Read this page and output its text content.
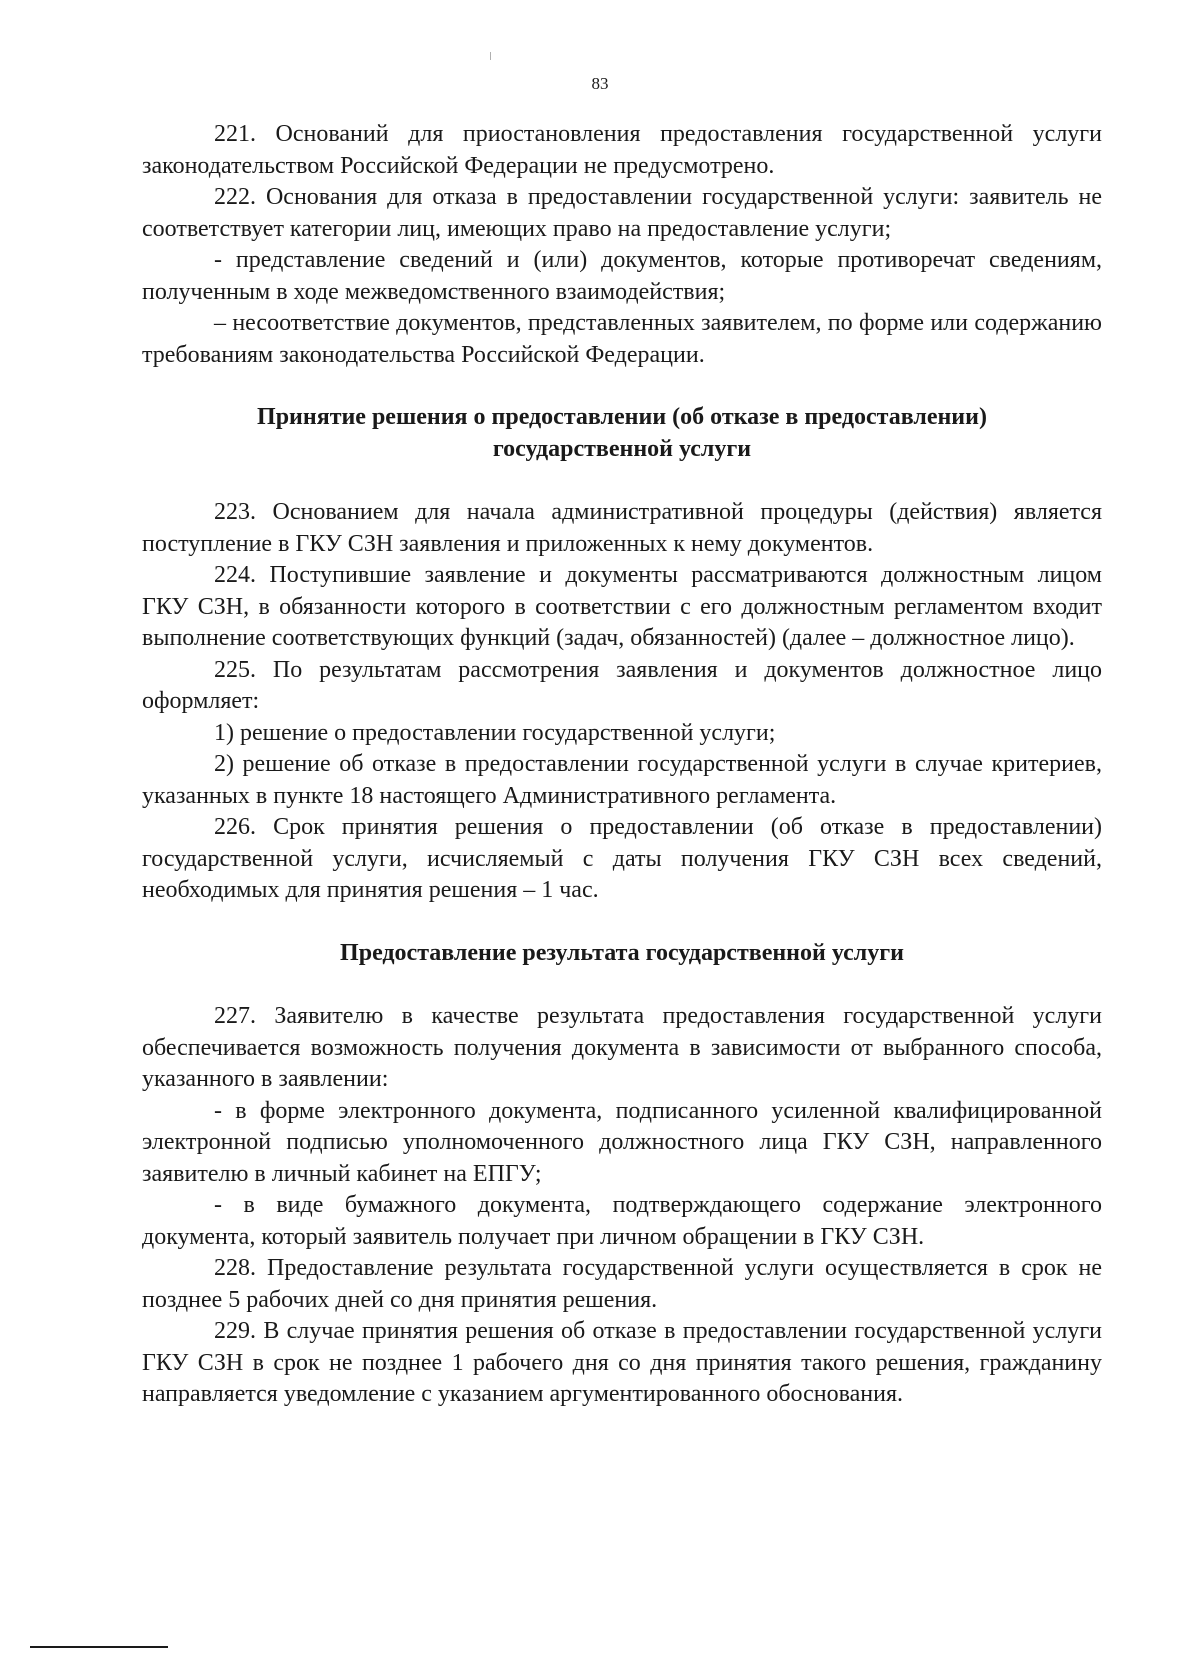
83

221. Оснований для приостановления предоставления государственной услуги законодательством Российской Федерации не предусмотрено.

222. Основания для отказа в предоставлении государственной услуги: заявитель не соответствует категории лиц, имеющих право на предоставление услуги;

- представление сведений и (или) документов, которые противоречат сведениям, полученным в ходе межведомственного взаимодействия;

– несоответствие документов, представленных заявителем, по форме или содержанию требованиям законодательства Российской Федерации.

Принятие решения о предоставлении (об отказе в предоставлении) государственной услуги

223. Основанием для начала административной процедуры (действия) является поступление в ГКУ СЗН заявления и приложенных к нему документов.

224. Поступившие заявление и документы рассматриваются должностным лицом ГКУ СЗН, в обязанности которого в соответствии с его должностным регламентом входит выполнение соответствующих функций (задач, обязанностей) (далее – должностное лицо).

225. По результатам рассмотрения заявления и документов должностное лицо оформляет:

1) решение о предоставлении государственной услуги;

2) решение об отказе в предоставлении государственной услуги в случае критериев, указанных в пункте 18 настоящего Административного регламента.

226. Срок принятия решения о предоставлении (об отказе в предоставлении) государственной услуги, исчисляемый с даты получения ГКУ СЗН всех сведений, необходимых для принятия решения – 1 час.

Предоставление результата государственной услуги

227. Заявителю в качестве результата предоставления государственной услуги обеспечивается возможность получения документа в зависимости от выбранного способа, указанного в заявлении:

- в форме электронного документа, подписанного усиленной квалифицированной электронной подписью уполномоченного должностного лица ГКУ СЗН, направленного заявителю в личный кабинет на ЕПГУ;

- в виде бумажного документа, подтверждающего содержание электронного документа, который заявитель получает при личном обращении в ГКУ СЗН.

228. Предоставление результата государственной услуги осуществляется в срок не позднее 5 рабочих дней со дня принятия решения.

229. В случае принятия решения об отказе в предоставлении государственной услуги ГКУ СЗН в срок не позднее 1 рабочего дня со дня принятия такого решения, гражданину направляется уведомление с указанием аргументированного обоснования.
